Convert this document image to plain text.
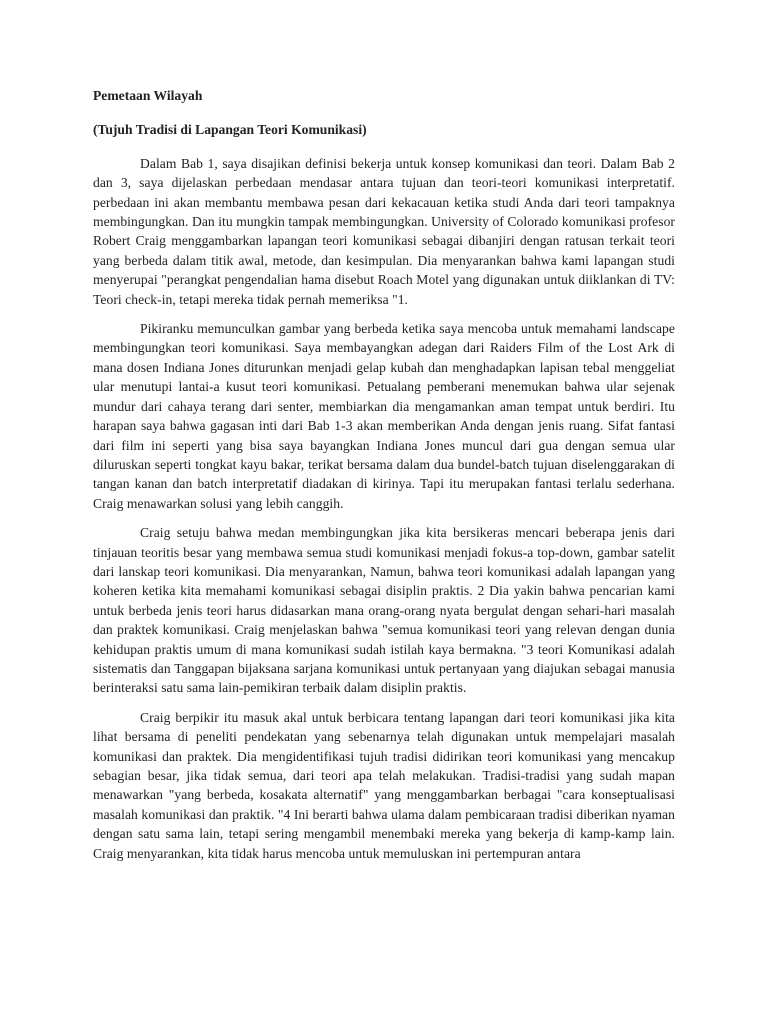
Pemetaan Wilayah

(Tujuh Tradisi di Lapangan Teori Komunikasi)

Dalam Bab 1, saya disajikan definisi bekerja untuk konsep komunikasi dan teori. Dalam Bab 2 dan 3, saya dijelaskan perbedaan mendasar antara tujuan dan teori-teori komunikasi interpretatif. perbedaan ini akan membantu membawa pesan dari kekacauan ketika studi Anda dari teori tampaknya membingungkan. Dan itu mungkin tampak membingungkan. University of Colorado komunikasi profesor Robert Craig menggambarkan lapangan teori komunikasi sebagai dibanjiri dengan ratusan terkait teori yang berbeda dalam titik awal, metode, dan kesimpulan. Dia menyarankan bahwa kami lapangan studi menyerupai "perangkat pengendalian hama disebut Roach Motel yang digunakan untuk diiklankan di TV: Teori check-in, tetapi mereka tidak pernah memeriksa "1.

Pikiranku memunculkan gambar yang berbeda ketika saya mencoba untuk memahami landscape membingungkan teori komunikasi. Saya membayangkan adegan dari Raiders Film of the Lost Ark di mana dosen Indiana Jones diturunkan menjadi gelap kubah dan menghadapkan lapisan tebal menggeliat ular menutupi lantai-a kusut teori komunikasi. Petualang pemberani menemukan bahwa ular sejenak mundur dari cahaya terang dari senter, membiarkan dia mengamankan aman tempat untuk berdiri. Itu harapan saya bahwa gagasan inti dari Bab 1-3 akan memberikan Anda dengan jenis ruang. Sifat fantasi dari film ini seperti yang bisa saya bayangkan Indiana Jones muncul dari gua dengan semua ular diluruskan seperti tongkat kayu bakar, terikat bersama dalam dua bundel-batch tujuan diselenggarakan di tangan kanan dan batch interpretatif diadakan di kirinya. Tapi itu merupakan fantasi terlalu sederhana. Craig menawarkan solusi yang lebih canggih.

Craig setuju bahwa medan membingungkan jika kita bersikeras mencari beberapa jenis dari tinjauan teoritis besar yang membawa semua studi komunikasi menjadi fokus-a top-down, gambar satelit dari lanskap teori komunikasi. Dia menyarankan, Namun, bahwa teori komunikasi adalah lapangan yang koheren ketika kita memahami komunikasi sebagai disiplin praktis. 2 Dia yakin bahwa pencarian kami untuk berbeda jenis teori harus didasarkan mana orang-orang nyata bergulat dengan sehari-hari masalah dan praktek komunikasi. Craig menjelaskan bahwa "semua komunikasi teori yang relevan dengan dunia kehidupan praktis umum di mana komunikasi sudah istilah kaya bermakna. "3 teori Komunikasi adalah sistematis dan Tanggapan bijaksana sarjana komunikasi untuk pertanyaan yang diajukan sebagai manusia berinteraksi satu sama lain-pemikiran terbaik dalam disiplin praktis.

Craig berpikir itu masuk akal untuk berbicara tentang lapangan dari teori komunikasi jika kita lihat bersama di peneliti pendekatan yang sebenarnya telah digunakan untuk mempelajari masalah komunikasi dan praktek. Dia mengidentifikasi tujuh tradisi didirikan teori komunikasi yang mencakup sebagian besar, jika tidak semua, dari teori apa telah melakukan. Tradisi-tradisi yang sudah mapan menawarkan "yang berbeda, kosakata alternatif" yang menggambarkan berbagai "cara konseptualisasi masalah komunikasi dan praktik. "4 Ini berarti bahwa ulama dalam pembicaraan tradisi diberikan nyaman dengan satu sama lain, tetapi sering mengambil menembaki mereka yang bekerja di kamp-kamp lain. Craig menyarankan, kita tidak harus mencoba untuk memuluskan ini pertempuran antara
